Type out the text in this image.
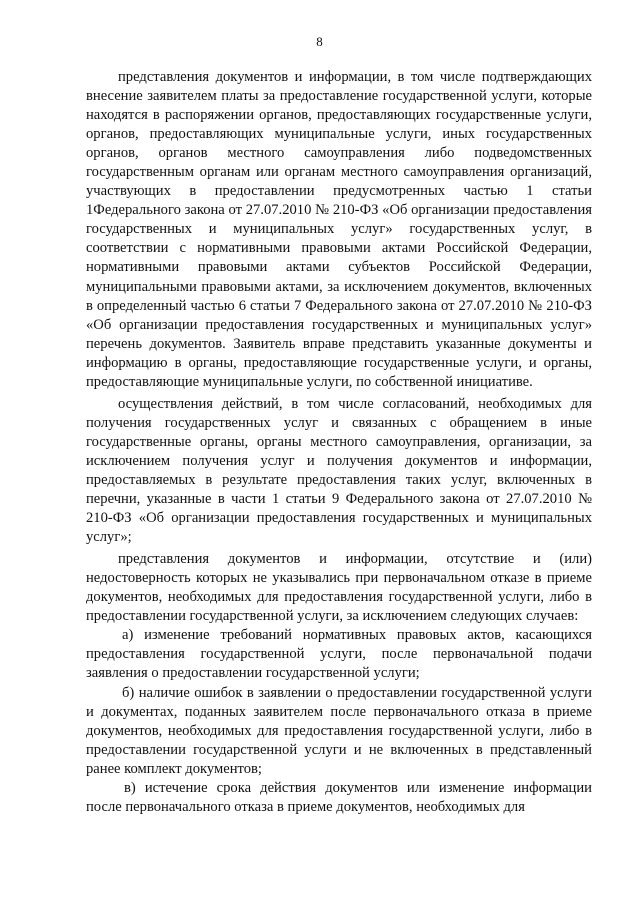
8

представления документов и информации, в том числе подтверждающих внесение заявителем платы за предоставление государственной услуги, которые находятся в распоряжении органов, предоставляющих государственные услуги, органов, предоставляющих муниципальные услуги, иных государственных органов, органов местного самоуправления либо подведомственных государственным органам или органам местного самоуправления организаций, участвующих в предоставлении предусмотренных частью 1 статьи 1Федерального закона от 27.07.2010 № 210-ФЗ «Об организации предоставления государственных и муниципальных услуг» государственных услуг, в соответствии с нормативными правовыми актами Российской Федерации, нормативными правовыми актами субъектов Российской Федерации, муниципальными правовыми актами, за исключением документов, включенных в определенный частью 6 статьи 7 Федерального закона от 27.07.2010 № 210-ФЗ «Об организации предоставления государственных и муниципальных услуг» перечень документов. Заявитель вправе представить указанные документы и информацию в органы, предоставляющие государственные услуги, и органы, предоставляющие муниципальные услуги, по собственной инициативе.

осуществления действий, в том числе согласований, необходимых для получения государственных услуг и связанных с обращением в иные государственные органы, органы местного самоуправления, организации, за исключением получения услуг и получения документов и информации, предоставляемых в результате предоставления таких услуг, включенных в перечни, указанные в части 1 статьи 9 Федерального закона от 27.07.2010 № 210-ФЗ «Об организации предоставления государственных и муниципальных услуг»;

представления документов и информации, отсутствие и (или) недостоверность которых не указывались при первоначальном отказе в приеме документов, необходимых для предоставления государственной услуги, либо в предоставлении государственной услуги, за исключением следующих случаев:

а) изменение требований нормативных правовых актов, касающихся предоставления государственной услуги, после первоначальной подачи заявления о предоставлении государственной услуги;

б) наличие ошибок в заявлении о предоставлении государственной услуги и документах, поданных заявителем после первоначального отказа в приеме документов, необходимых для предоставления государственной услуги, либо в предоставлении государственной услуги и не включенных в представленный ранее комплект документов;

в) истечение срока действия документов или изменение информации после первоначального отказа в приеме документов, необходимых для
